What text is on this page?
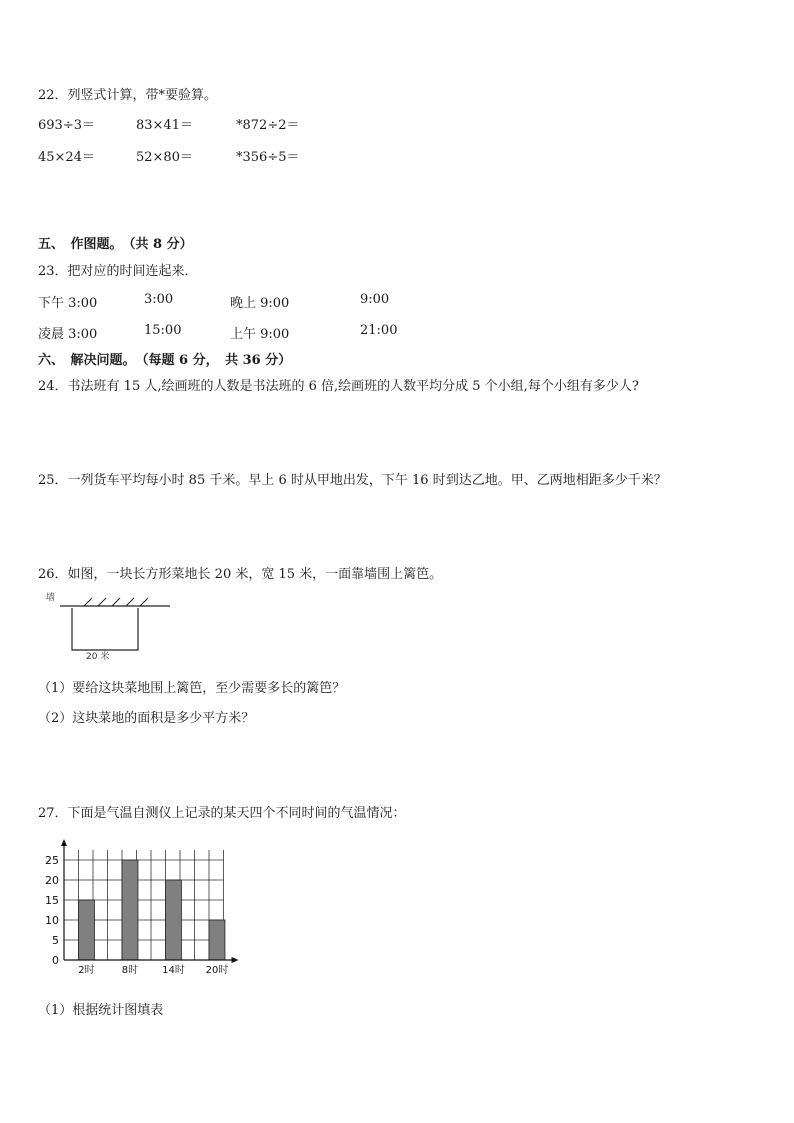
22．列竖式计算，带*要验算。
693÷3＝	83×41＝	*872÷2＝
45×24＝	52×80＝	*356÷5＝
五、　作图题。　（共 8 分）
23．把对应的时间连起来．
下午 3:00	3:00	晚上 9:00	9:00
凌晨 3:00	15:00	上午 9:00	21:00
六、　解决问题。　（每题 6 分，　共 36 分）
24．书法班有 15 人,绘画班的人数是书法班的 6 倍,绘画班的人数平均分成 5 个小组,每个小组有多少人?
25．一列货车平均每小时 85 千米。早上 6 时从甲地出发，下午 16 时到达乙地。甲、乙两地相距多少千米？
26．如图，一块长方形菜地长 20 米，宽 15 米，一面靠墙围上篱笆。
墙
20 米
（1）要给这块菜地围上篱笆，至少需要多长的篱笆？
（2）这块菜地的面积是多少平方米？
27．下面是气温自测仪上记录的某天四个不同时间的气温情况：
0
5
10
15
20
25
2时	8时 14时 20时
（1）根据统计图填表
